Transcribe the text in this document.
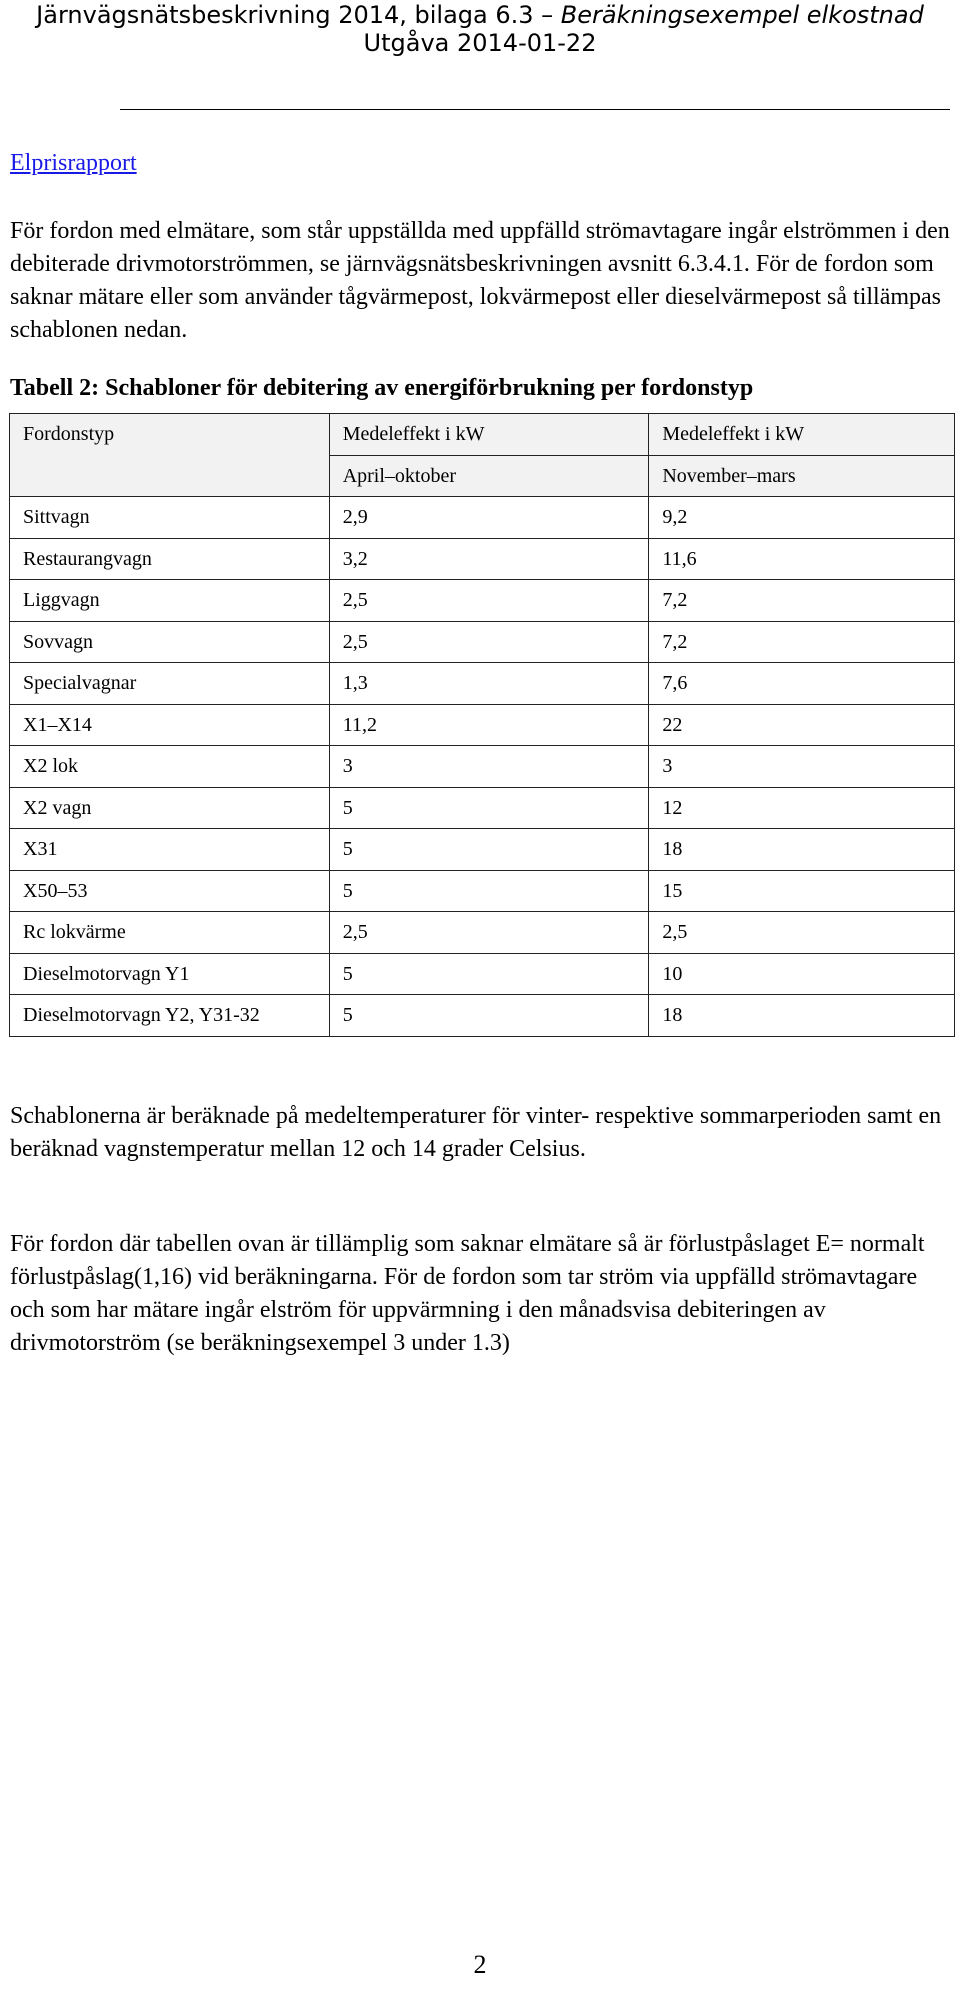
Järnvägsnätsbeskrivning 2014, bilaga 6.3 – Beräkningsexempel elkostnad
Utgåva 2014-01-22
Elprisrapport
För fordon med elmätare, som står uppställda med uppfälld strömavtagare ingår elströmmen i den debiterade drivmotorströmmen, se järnvägsnätsbeskrivningen avsnitt 6.3.4.1. För de fordon som saknar mätare eller som använder tågvärmepost, lokvärmepost eller dieselvärmepost så tillämpas schablonen nedan.
Tabell 2: Schabloner för debitering av energiförbrukning per fordonstyp
Fordonstyp	Medeleffekt i kW	Medeleffekt i kW
	April–oktober	November–mars
Sittvagn	2,9	9,2
Restaurangvagn	3,2	11,6
Liggvagn	2,5	7,2
Sovvagn	2,5	7,2
Specialvagnar	1,3	7,6
X1–X14	11,2	22
X2 lok	3	3
X2 vagn	5	12
X31	5	18
X50–53	5	15
Rc lokvärme	2,5	2,5
Dieselmotorvagn Y1	5	10
Dieselmotorvagn Y2, Y31-32	5	18
Schablonerna är beräknade på medeltemperaturer för vinter- respektive sommarperioden samt en beräknad vagnstemperatur mellan 12 och 14 grader Celsius.
För fordon där tabellen ovan är tillämplig som saknar elmätare så är förlustpåslaget E= normalt förlustpåslag(1,16) vid beräkningarna. För de fordon som tar ström via uppfälld strömavtagare och som har mätare ingår elström för uppvärmning i den månadsvisa debiteringen av drivmotorström (se beräkningsexempel 3 under 1.3)
2
